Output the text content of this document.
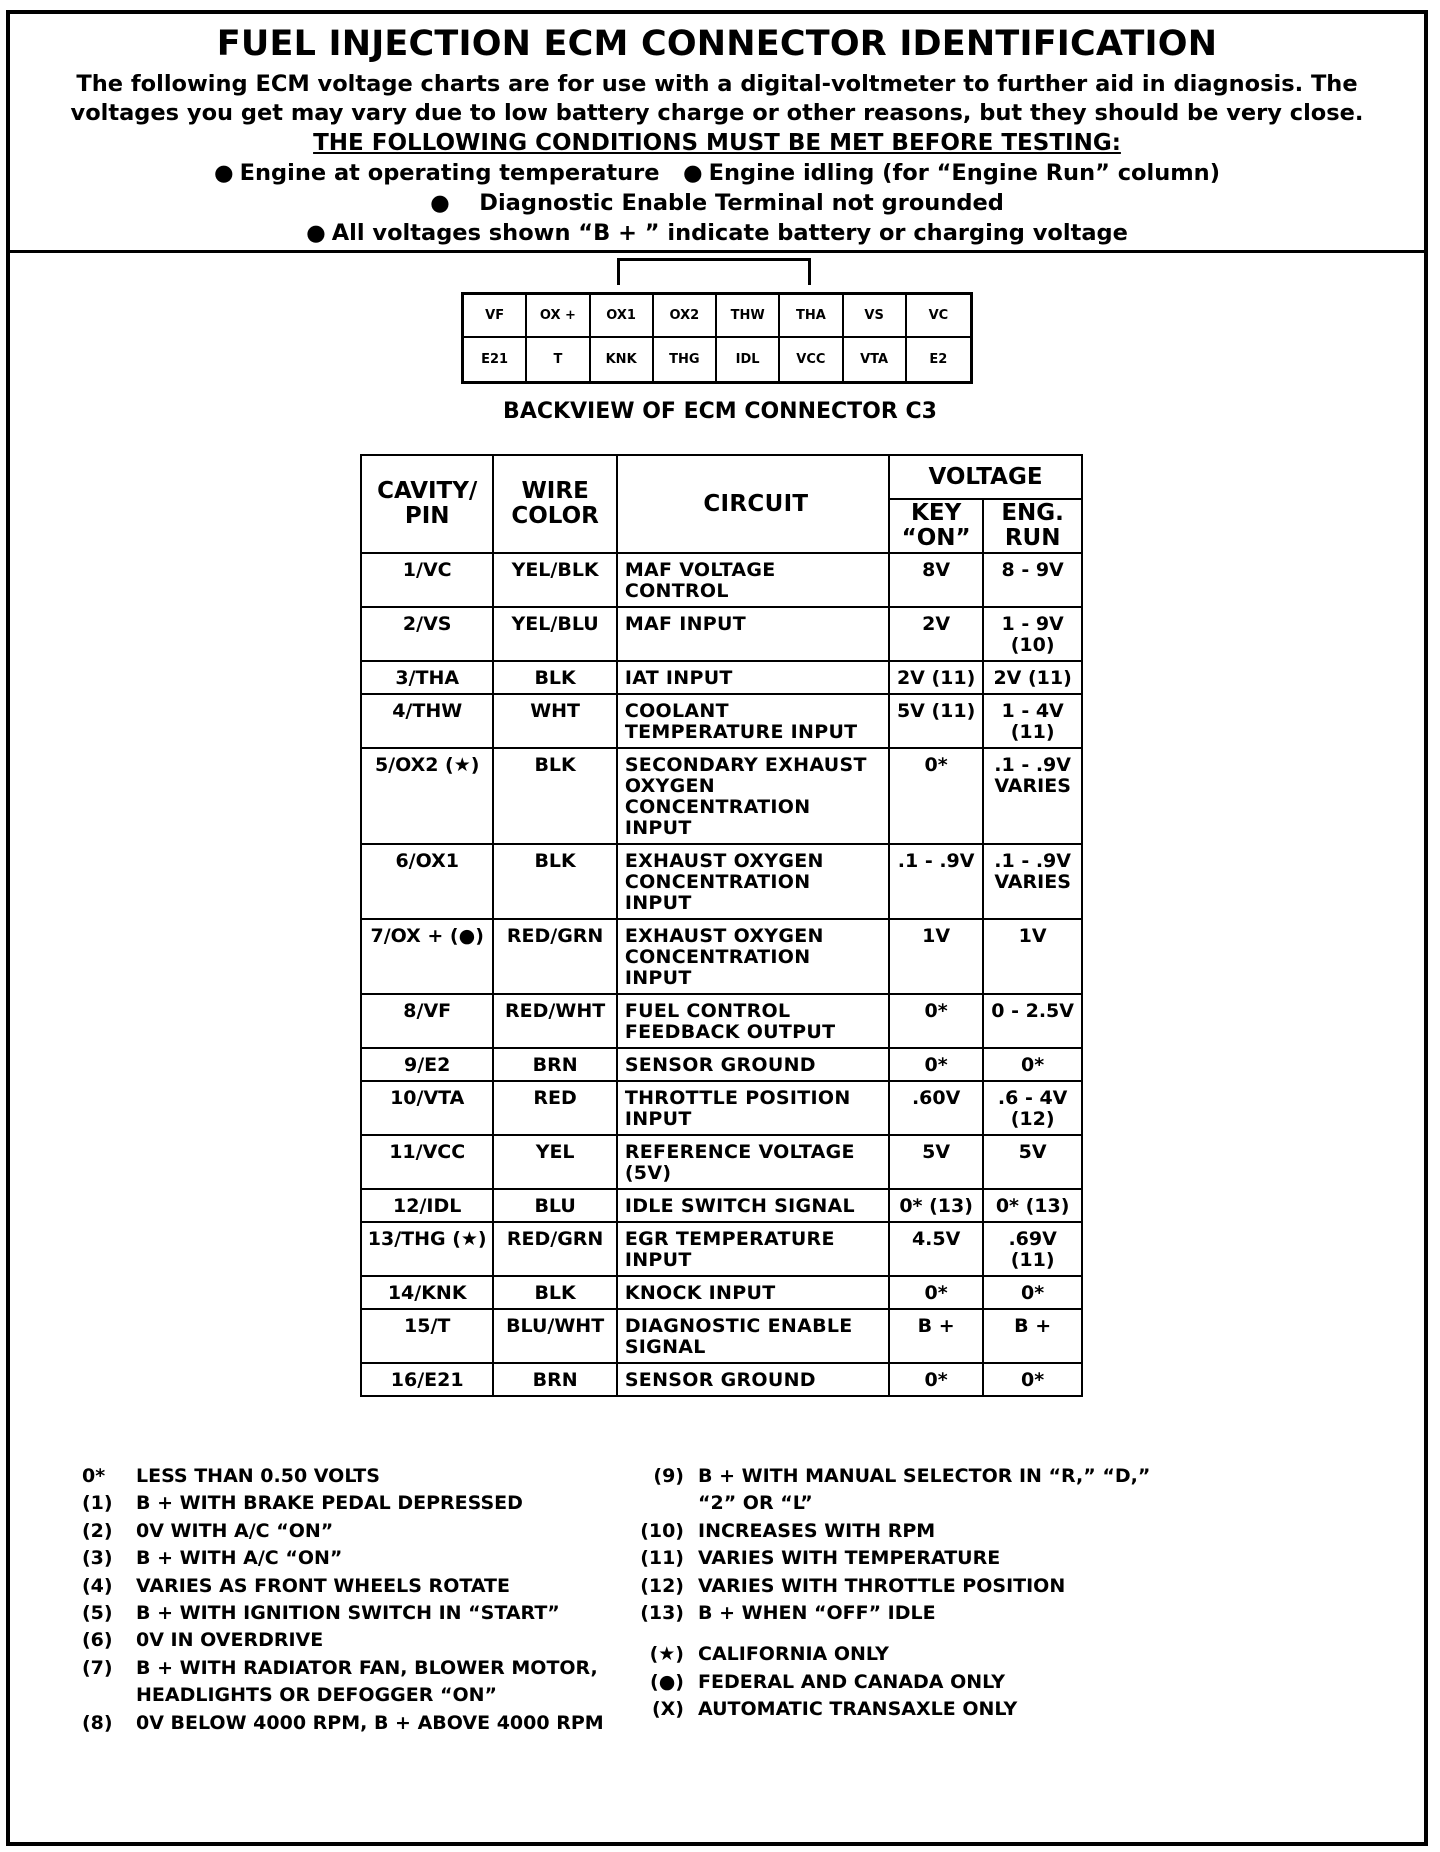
FUEL INJECTION ECM CONNECTOR IDENTIFICATION
The following ECM voltage charts are for use with a digital-voltmeter to further aid in diagnosis. The
voltages you get may vary due to low battery charge or other reasons, but they should be very close.
THE FOLLOWING CONDITIONS MUST BE MET BEFORE TESTING:
● Engine at operating temperature ● Engine idling (for “Engine Run” column)
● Diagnostic Enable Terminal not grounded
● All voltages shown “B + ” indicate battery or charging voltage
VF	OX +	OX1	OX2	THW	THA	VS	VC
E21	T	KNK	THG	IDL	VCC	VTA	E2
BACKVIEW OF ECM CONNECTOR C3
CAVITY/ PIN	WIRE COLOR	CIRCUIT	VOLTAGE	
			KEY “ON”	ENG. RUN
1/VC	YEL/BLK	MAF VOLTAGE CONTROL	8V	8 - 9V
2/VS	YEL/BLU	MAF INPUT	2V	1 - 9V (10)
3/THA	BLK	IAT INPUT	2V (11)	2V (11)
4/THW	WHT	COOLANT TEMPERATURE INPUT	5V (11)	1 - 4V (11)
5/OX2 (★)	BLK	SECONDARY EXHAUST OXYGEN CONCENTRATION INPUT	0*	.1 - .9V VARIES
6/OX1	BLK	EXHAUST OXYGEN CONCENTRATION INPUT	.1 - .9V	.1 - .9V VARIES
7/OX + (●)	RED/GRN	EXHAUST OXYGEN CONCENTRATION INPUT	1V	1V
8/VF	RED/WHT	FUEL CONTROL FEEDBACK OUTPUT	0*	0 - 2.5V
9/E2	BRN	SENSOR GROUND	0*	0*
10/VTA	RED	THROTTLE POSITION INPUT	.60V	.6 - 4V (12)
11/VCC	YEL	REFERENCE VOLTAGE (5V)	5V	5V
12/IDL	BLU	IDLE SWITCH SIGNAL	0* (13)	0* (13)
13/THG (★)	RED/GRN	EGR TEMPERATURE INPUT	4.5V	.69V (11)
14/KNK	BLK	KNOCK INPUT	0*	0*
15/T	BLU/WHT	DIAGNOSTIC ENABLE SIGNAL	B +	B +
16/E21	BRN	SENSOR GROUND	0*	0*
0*	LESS THAN 0.50 VOLTS
(1)	B + WITH BRAKE PEDAL DEPRESSED
(2)	0V WITH A/C “ON”
(3)	B + WITH A/C “ON”
(4)	VARIES AS FRONT WHEELS ROTATE
(5)	B + WITH IGNITION SWITCH IN “START”
(6)	0V IN OVERDRIVE
(7)	B + WITH RADIATOR FAN, BLOWER MOTOR,
HEADLIGHTS OR DEFOGGER “ON”
(8)	0V BELOW 4000 RPM, B + ABOVE 4000 RPM
(9) B + WITH MANUAL SELECTOR IN “R,” “D,”
“2” OR “L”
(10) INCREASES WITH RPM
(11) VARIES WITH TEMPERATURE
(12) VARIES WITH THROTTLE POSITION
(13) B + WHEN “OFF” IDLE
(★) CALIFORNIA ONLY
(●) FEDERAL AND CANADA ONLY
(X) AUTOMATIC TRANSAXLE ONLY
